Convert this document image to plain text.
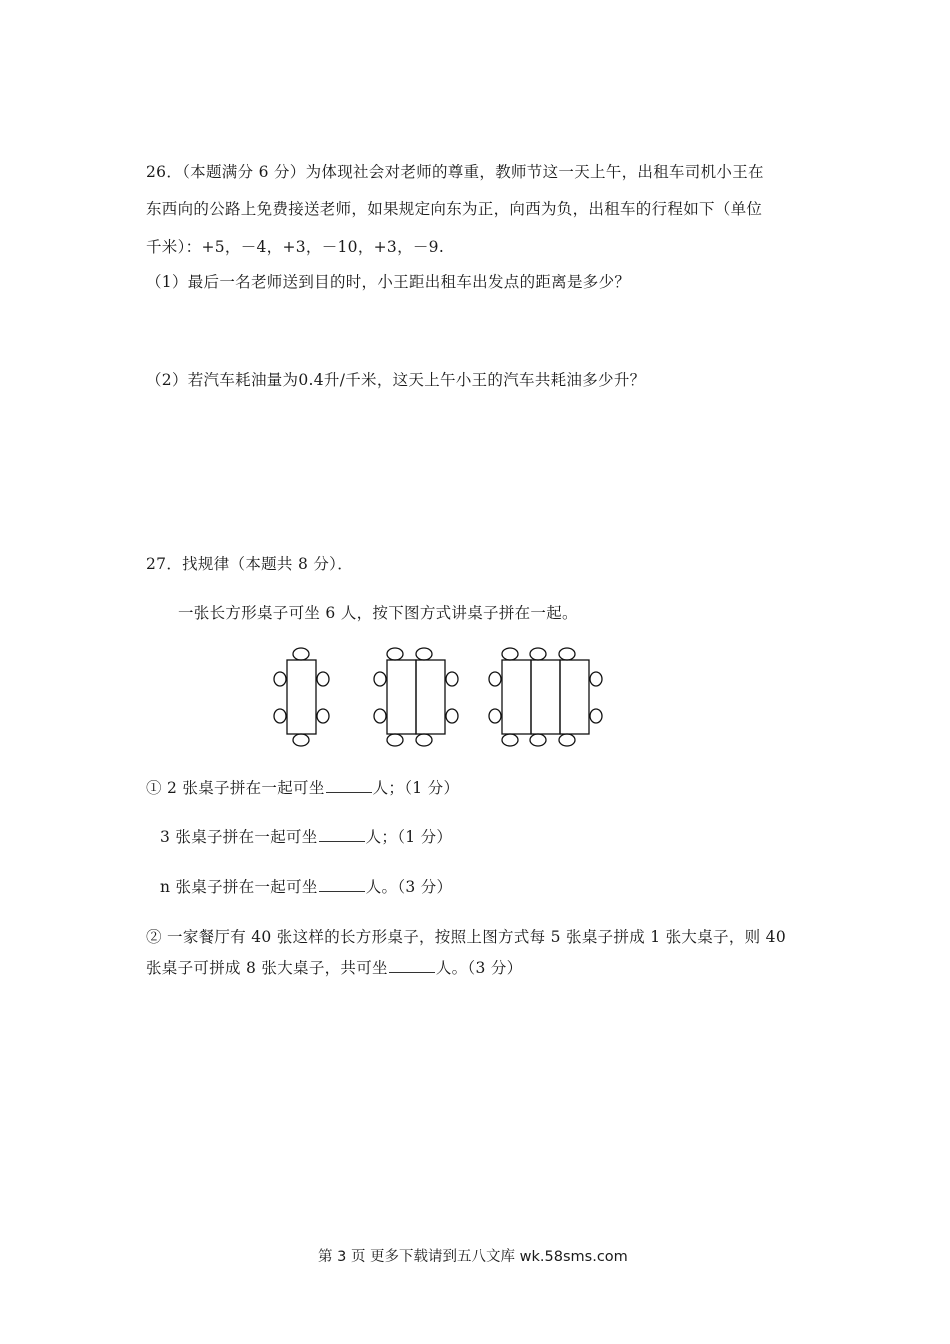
26．（本题满分 6 分）为体现社会对老师的尊重，教师节这一天上午，出租车司机小王在
东西向的公路上免费接送老师，如果规定向东为正，向西为负，出租车的行程如下（单位
千米）：+5，－4，+3，－10，+3，－9.
（1）最后一名老师送到目的时，小王距出租车出发点的距离是多少？
（2）若汽车耗油量为0.4升/千米，这天上午小王的汽车共耗油多少升？
27．找规律（本题共 8 分）．
一张长方形桌子可坐 6 人，按下图方式讲桌子拼在一起。
① 2 张桌子拼在一起可坐	人；（1 分）
3 张桌子拼在一起可坐	人；（1 分）
n 张桌子拼在一起可坐	人。（3 分）
② 一家餐厅有 40 张这样的长方形桌子，按照上图方式每 5 张桌子拼成 1 张大桌子，则 40
张桌子可拼成 8 张大桌子，共可坐	人。（3 分）
第 3 页 更多下载请到五八文库 wk.58sms.com
